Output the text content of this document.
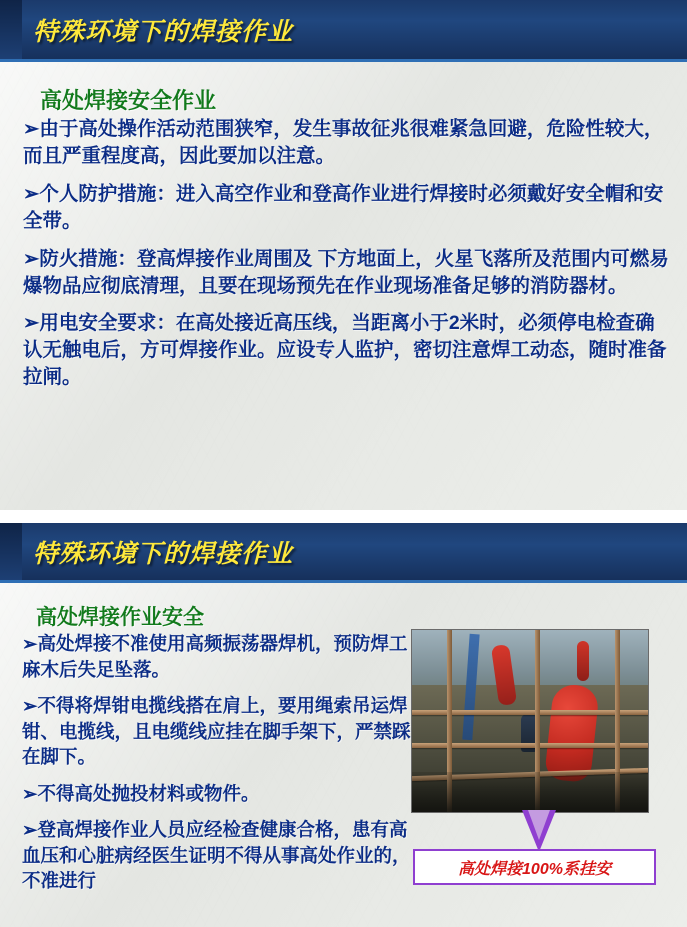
特殊环境下的焊接作业
高处焊接安全作业
➢由于高处操作活动范围狭窄，发生事故征兆很难紧急回避，危险性较大，而且严重程度高，因此要加以注意。
➢个人防护措施：进入高空作业和登高作业进行焊接时必须戴好安全帽和安全带。
➢防火措施：登高焊接作业周围及 下方地面上，火星飞落所及范围内可燃易爆物品应彻底清理，且要在现场预先在作业现场准备足够的消防器材。
➢用电安全要求：在高处接近高压线，当距离小于2米时，必须停电检查确认无触电后，方可焊接作业。应设专人监护，密切注意焊工动态，随时准备拉闸。
特殊环境下的焊接作业
高处焊接作业安全
➢高处焊接不准使用高频振荡器焊机，预防焊工麻木后失足坠落。
➢不得将焊钳电揽线搭在肩上，要用绳索吊运焊钳、电揽线，且电缆线应挂在脚手架下，严禁踩在脚下。
➢不得高处抛投材料或物件。
➢登高焊接作业人员应经检查健康合格，患有高血压和心脏病经医生证明不得从事高处作业的，不准进行
高处焊接100%系挂安
